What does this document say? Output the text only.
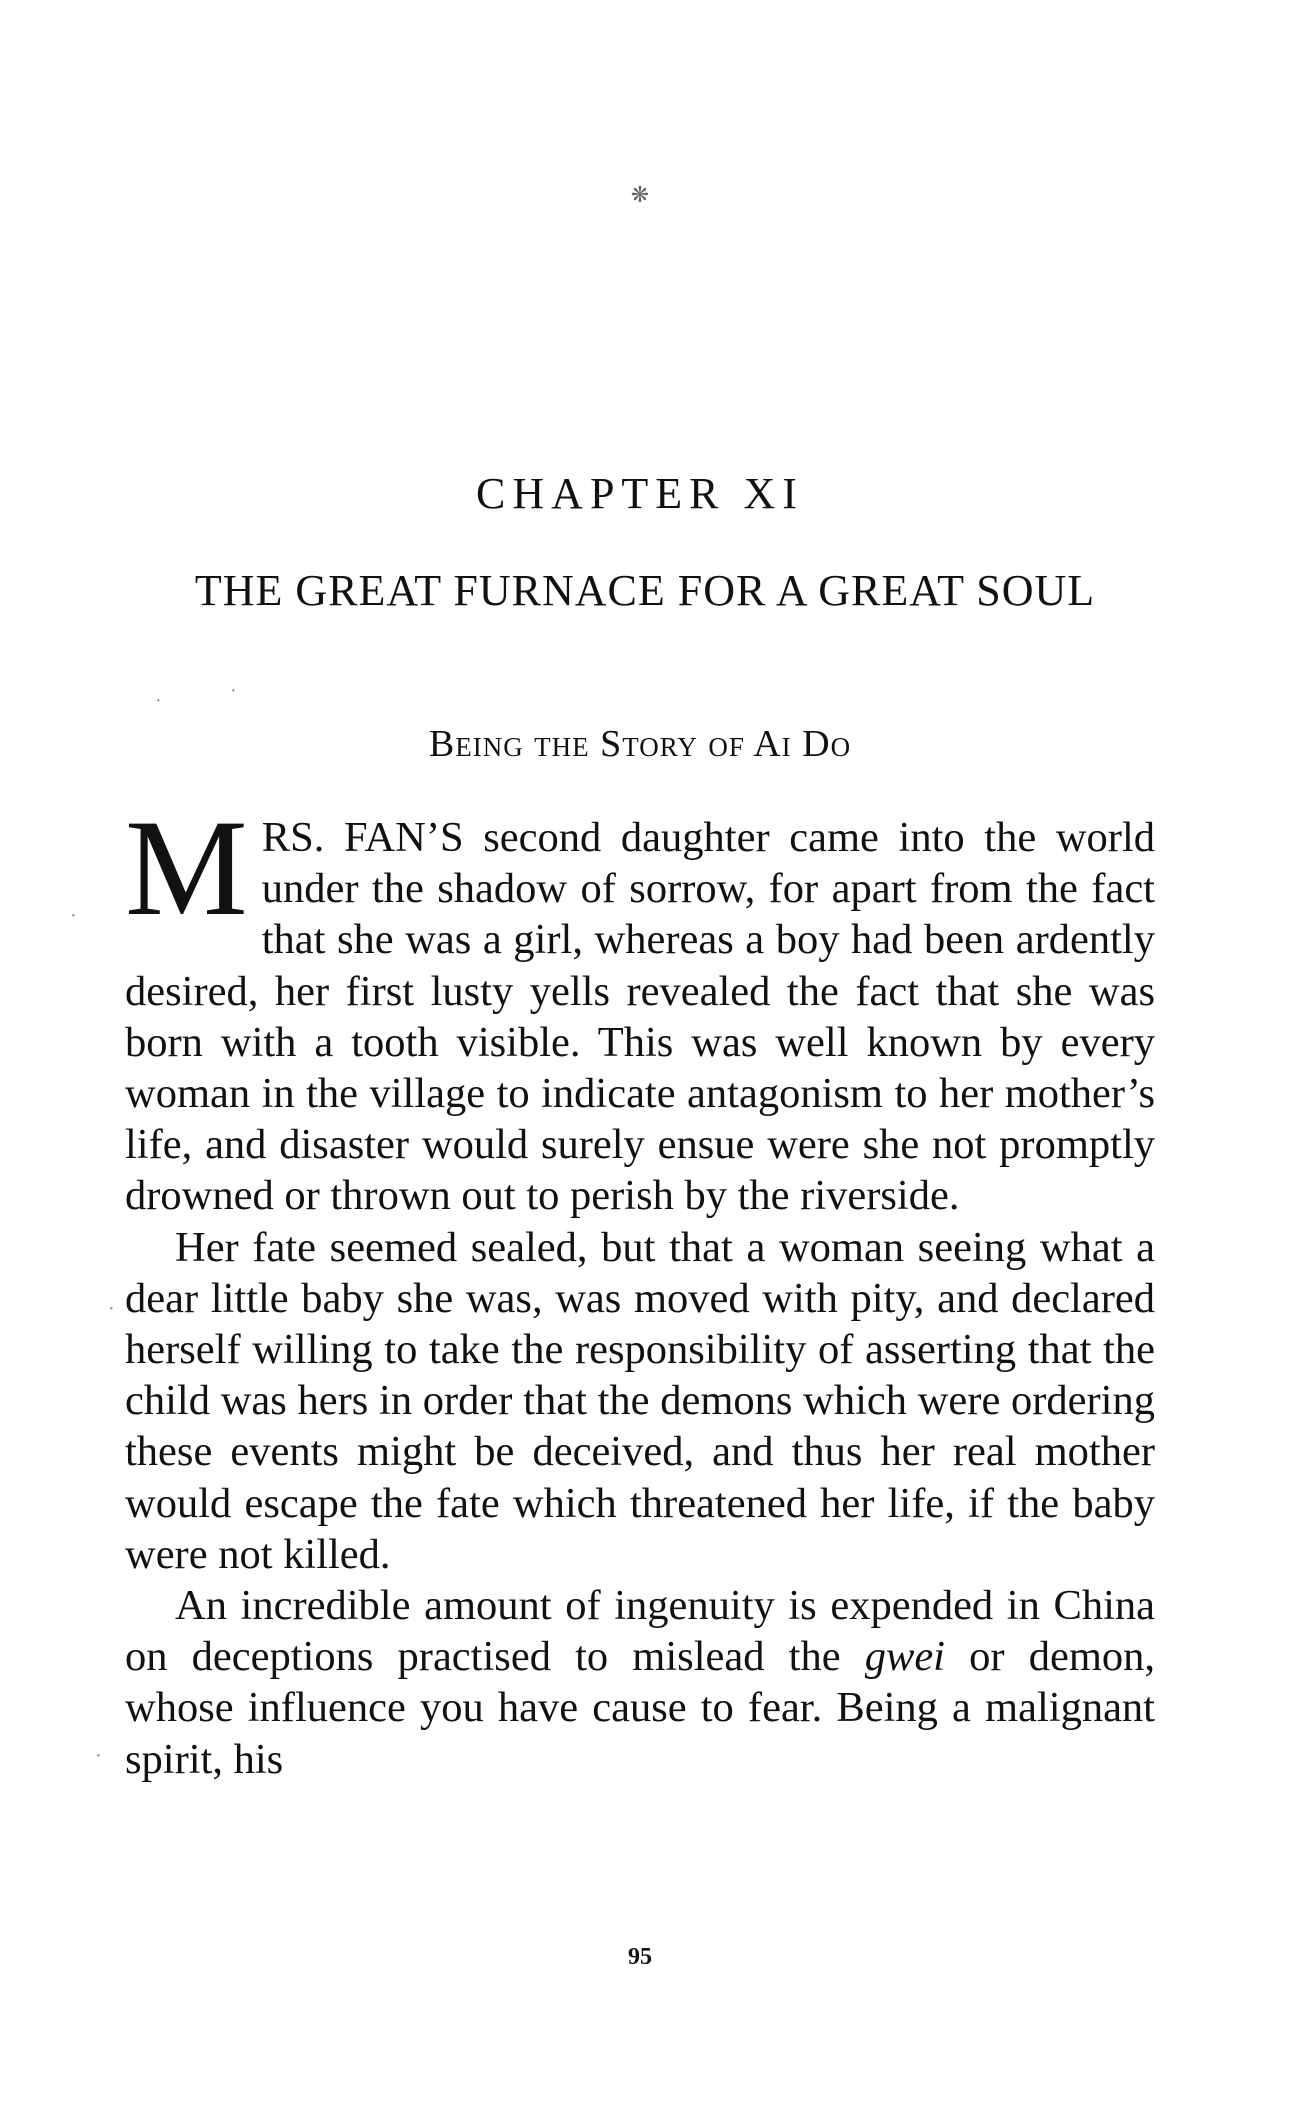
❋
CHAPTER XI
THE GREAT FURNACE FOR A GREAT SOUL
Being the Story of Ai Do

MRS. FAN’S second daughter came into the world under the shadow of sorrow, for apart from the fact that she was a girl, whereas a boy had been ardently desired, her first lusty yells revealed the fact that she was born with a tooth visible. This was well known by every woman in the village to indicate antagonism to her mother’s life, and disaster would surely ensue were she not promptly drowned or thrown out to perish by the riverside.

Her fate seemed sealed, but that a woman seeing what a dear little baby she was, was moved with pity, and declared herself willing to take the responsibility of asserting that the child was hers in order that the demons which were ordering these events might be deceived, and thus her real mother would escape the fate which threatened her life, if the baby were not killed.

An incredible amount of ingenuity is expended in China on deceptions practised to mislead the gwei or demon, whose influence you have cause to fear. Being a malignant spirit, his

95
·	·
·
·
·
